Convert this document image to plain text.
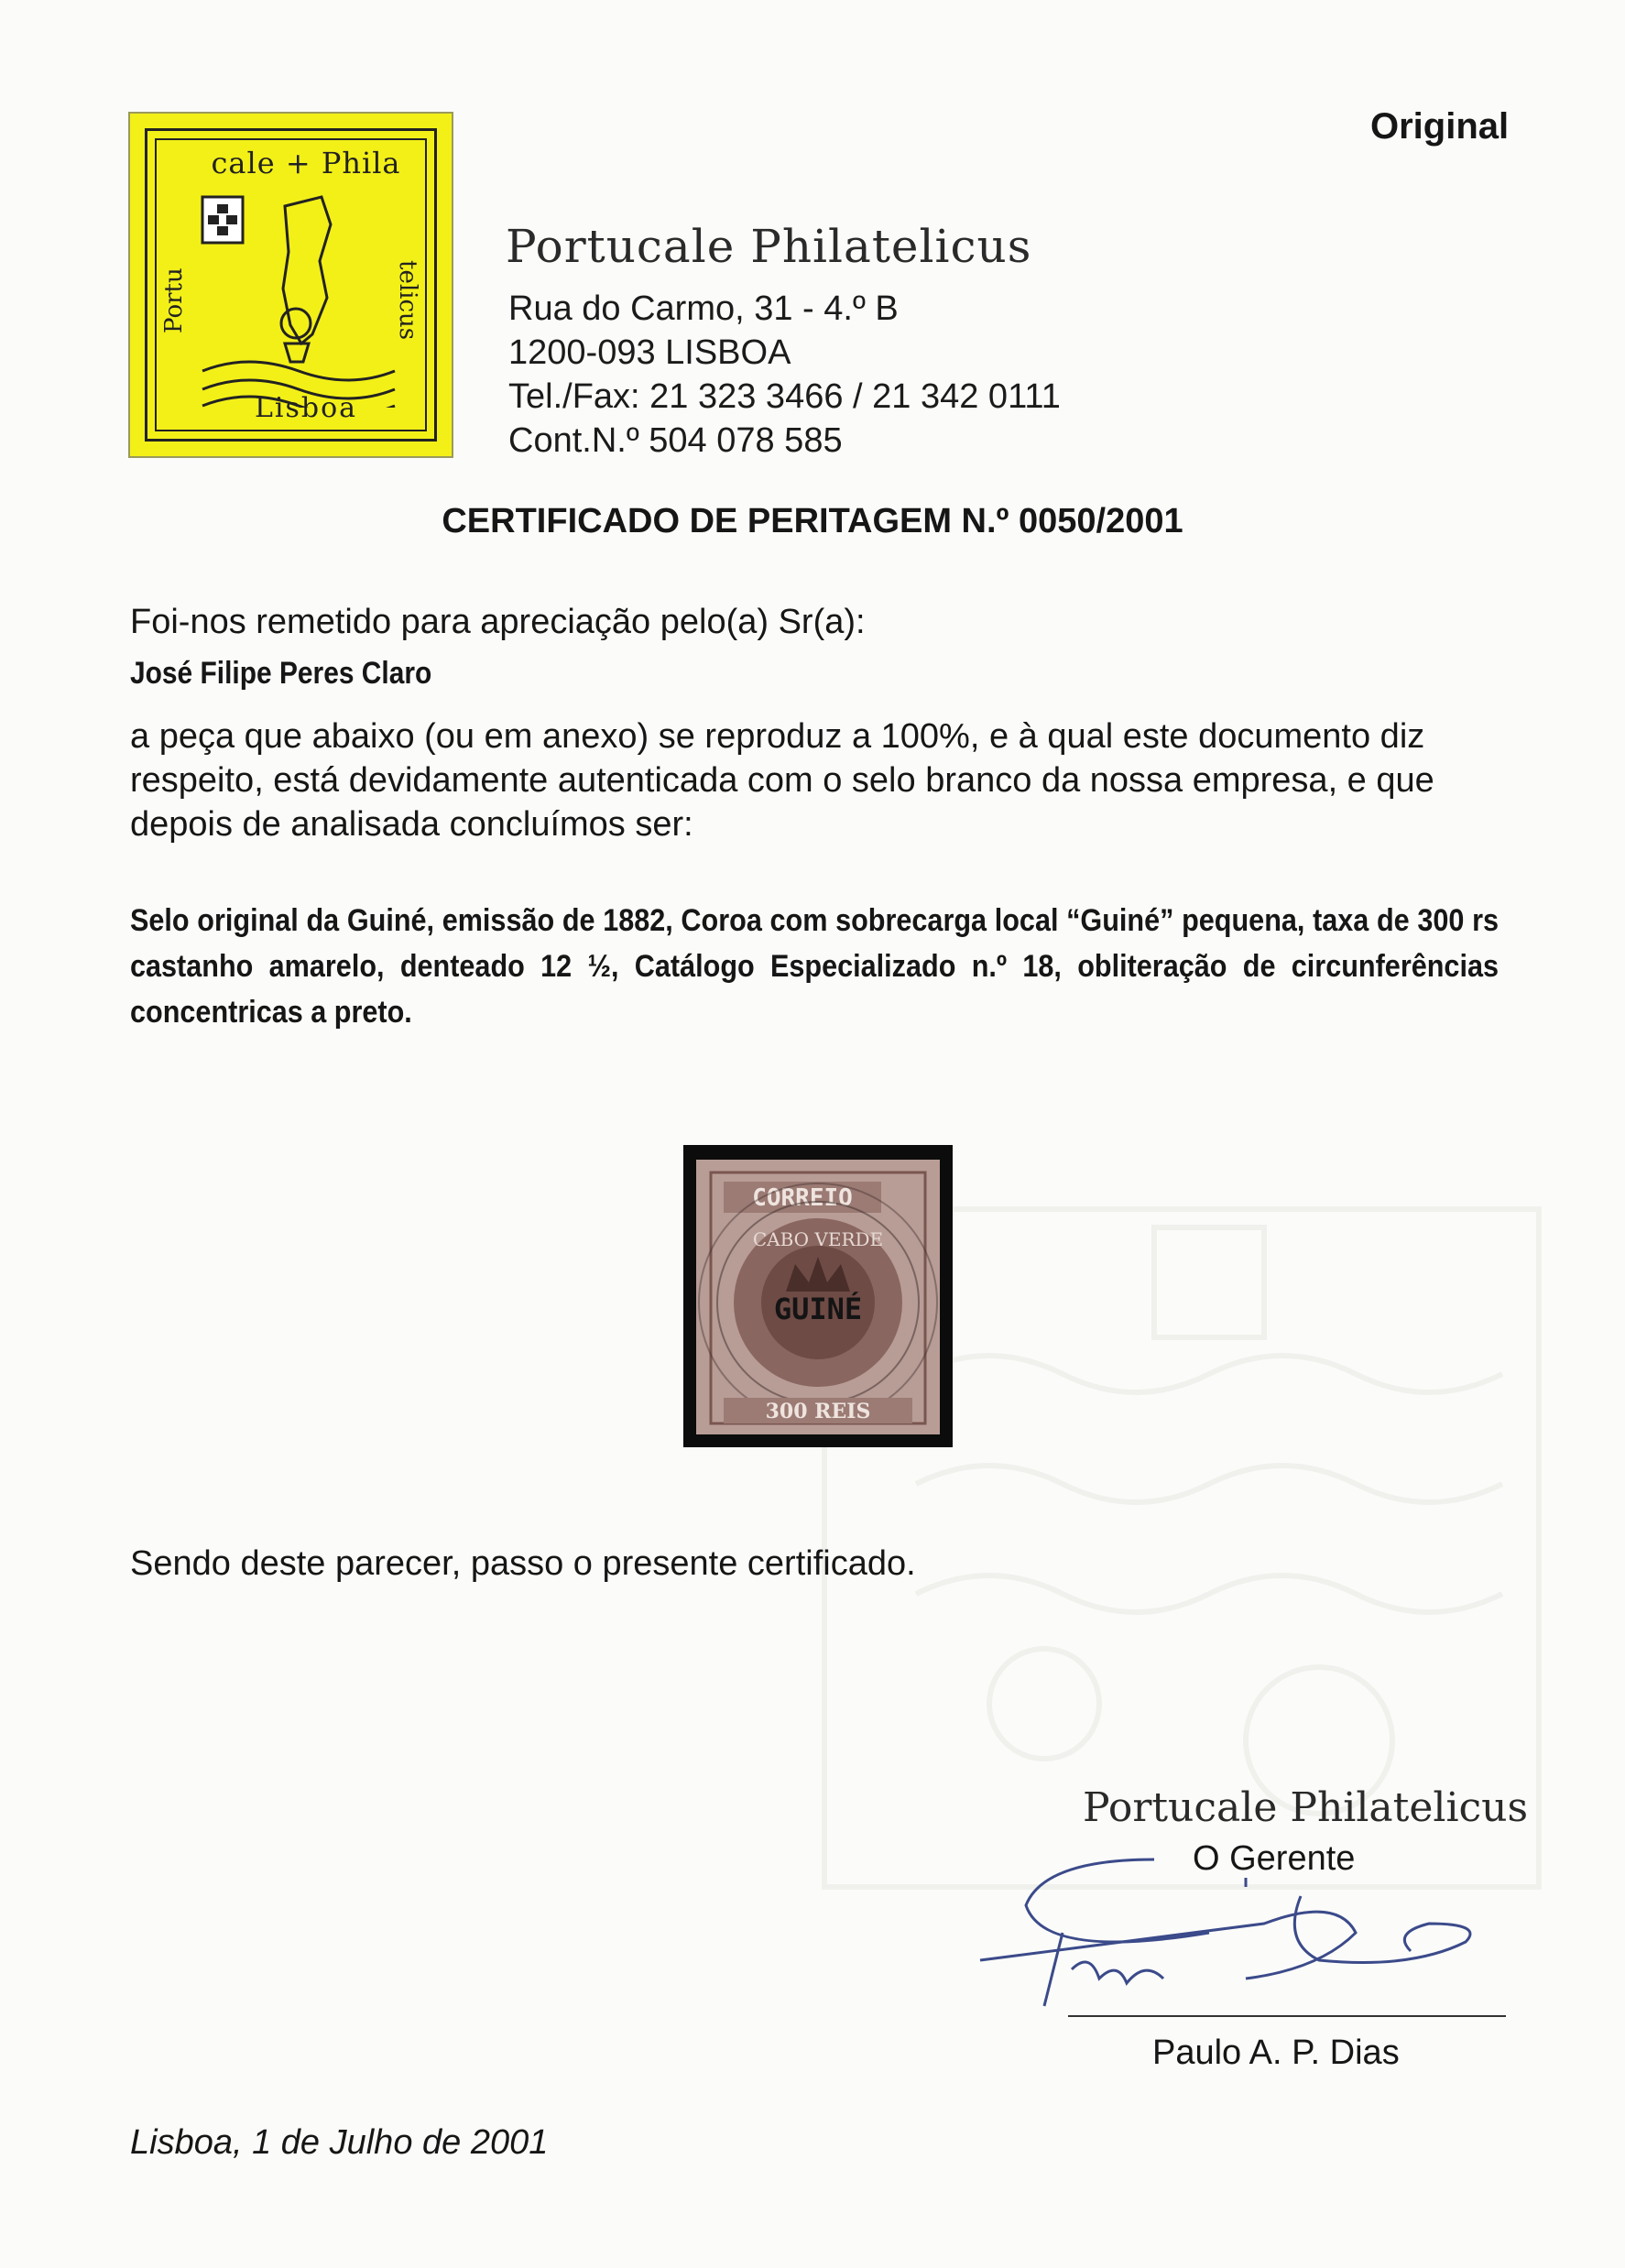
cale + Phila
Portu	telicus
Lisboa
Original
Portucale Philatelicus
Rua do Carmo, 31 - 4.º B
1200-093 LISBOA
Tel./Fax: 21 323 3466 / 21 342 0111
Cont.N.º 504 078 585
CERTIFICADO DE PERITAGEM N.º 0050/2001
Foi-nos remetido para apreciação pelo(a) Sr(a):
José Filipe Peres Claro
a peça que abaixo (ou em anexo) se reproduz a 100%, e à qual este documento diz respeito, está devidamente autenticada com o selo branco da nossa empresa, e que depois de analisada concluímos ser:
Selo original da Guiné, emissão de 1882, Coroa com sobrecarga local “Guiné” pequena, taxa de 300 rs castanho amarelo, denteado 12 ½, Catálogo Especializado n.º 18, obliteração de circunferências concentricas a preto.
CORREIO
CABO VERDE
GUINÉ
300 REIS
Sendo deste parecer, passo o presente certificado.
Portucale Philatelicus
O Gerente
Paulo A. P. Dias
Lisboa, 1 de Julho de 2001
